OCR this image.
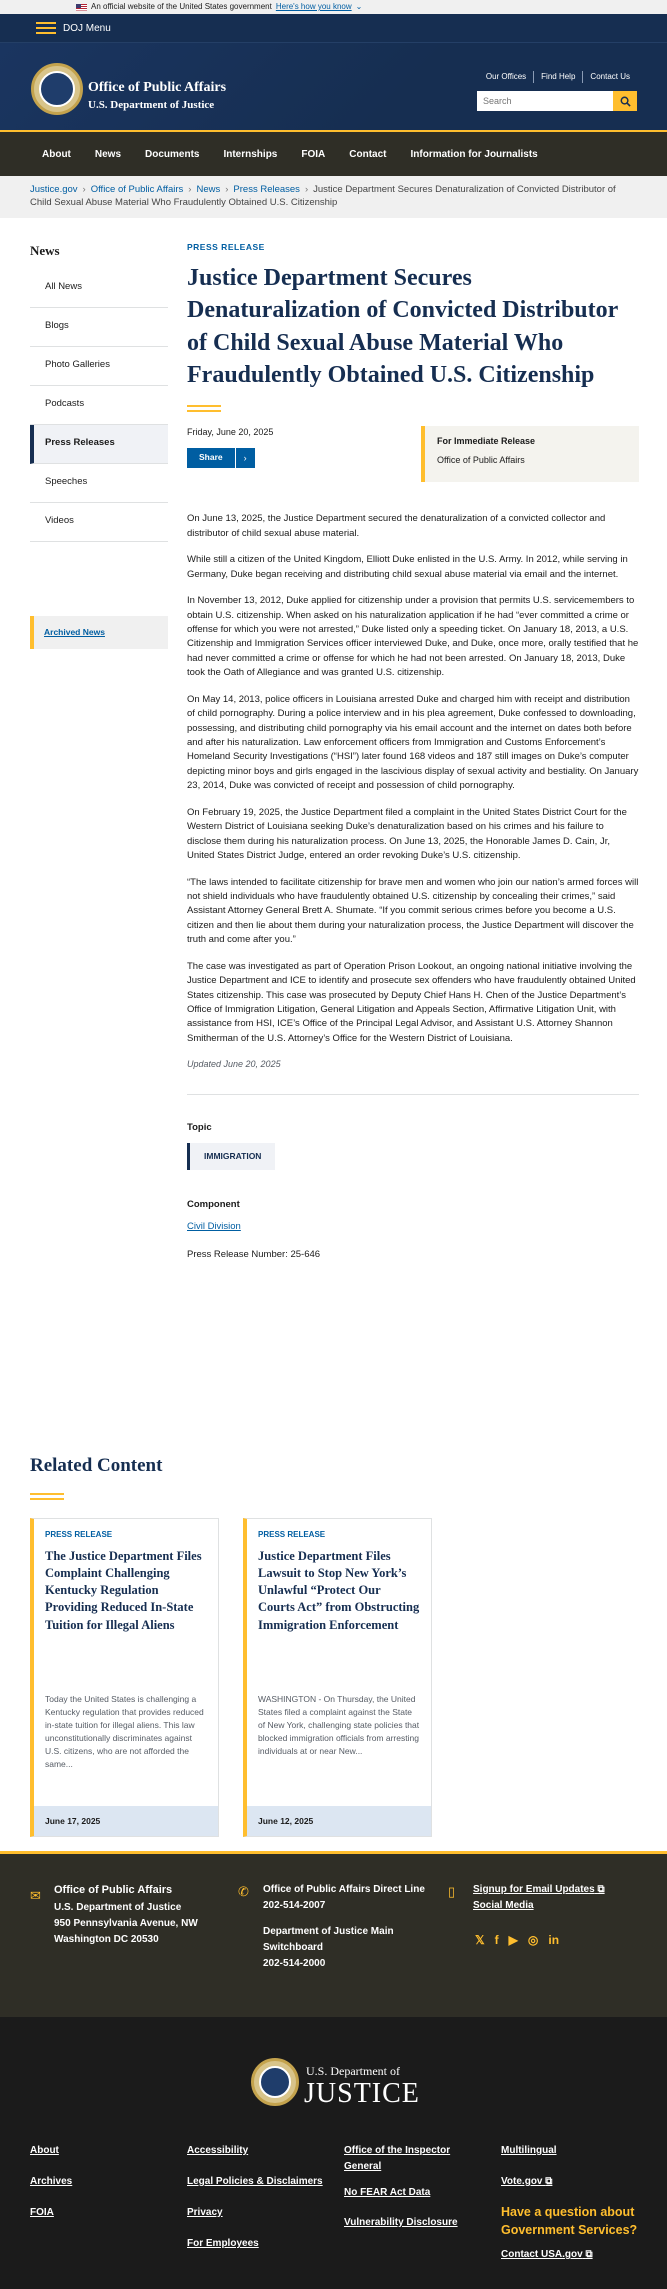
An official website of the United States government Here's how you know ⌄
DOJ Menu
Office of Public Affairs
U.S. Department of Justice
Our Offices	Find Help	Contact Us
Search
About	News	Documents	Internships	FOIA	Contact	Information for Journalists
Justice.gov › Office of Public Affairs › News › Press Releases › Justice Department Secures Denaturalization of Convicted Distributor of Child Sexual Abuse Material Who Fraudulently Obtained U.S. Citizenship
News
All News
Blogs
Photo Galleries
Podcasts
Press Releases
Speeches
Videos
Archived News
PRESS RELEASE
Justice Department Secures Denaturalization of Convicted Distributor of Child Sexual Abuse Material Who Fraudulently Obtained U.S. Citizenship
Friday, June 20, 2025
Share	›
For Immediate Release
Office of Public Affairs

On June 13, 2025, the Justice Department secured the denaturalization of a convicted collector and distributor of child sexual abuse material.

While still a citizen of the United Kingdom, Elliott Duke enlisted in the U.S. Army. In 2012, while serving in Germany, Duke began receiving and distributing child sexual abuse material via email and the internet.

In November 13, 2012, Duke applied for citizenship under a provision that permits U.S. servicemembers to obtain U.S. citizenship. When asked on his naturalization application if he had “ever committed a crime or offense for which you were not arrested,” Duke listed only a speeding ticket. On January 18, 2013, a U.S. Citizenship and Immigration Services officer interviewed Duke, and Duke, once more, orally testified that he had never committed a crime or offense for which he had not been arrested. On January 18, 2013, Duke took the Oath of Allegiance and was granted U.S. citizenship.

On May 14, 2013, police officers in Louisiana arrested Duke and charged him with receipt and distribution of child pornography. During a police interview and in his plea agreement, Duke confessed to downloading, possessing, and distributing child pornography via his email account and the internet on dates both before and after his naturalization. Law enforcement officers from Immigration and Customs Enforcement’s Homeland Security Investigations (“HSI”) later found 168 videos and 187 still images on Duke’s computer depicting minor boys and girls engaged in the lascivious display of sexual activity and bestiality. On January 23, 2014, Duke was convicted of receipt and possession of child pornography.

On February 19, 2025, the Justice Department filed a complaint in the United States District Court for the Western District of Louisiana seeking Duke’s denaturalization based on his crimes and his failure to disclose them during his naturalization process. On June 13, 2025, the Honorable James D. Cain, Jr, United States District Judge, entered an order revoking Duke’s U.S. citizenship.

“The laws intended to facilitate citizenship for brave men and women who join our nation’s armed forces will not shield individuals who have fraudulently obtained U.S. citizenship by concealing their crimes,” said Assistant Attorney General Brett A. Shumate. “If you commit serious crimes before you become a U.S. citizen and then lie about them during your naturalization process, the Justice Department will discover the truth and come after you.”

The case was investigated as part of Operation Prison Lookout, an ongoing national initiative involving the Justice Department and ICE to identify and prosecute sex offenders who have fraudulently obtained United States citizenship. This case was prosecuted by Deputy Chief Hans H. Chen of the Justice Department’s Office of Immigration Litigation, General Litigation and Appeals Section, Affirmative Litigation Unit, with assistance from HSI, ICE’s Office of the Principal Legal Advisor, and Assistant U.S. Attorney Shannon Smitherman of the U.S. Attorney’s Office for the Western District of Louisiana.

Updated June 20, 2025
Topic
IMMIGRATION
Component
Civil Division
Press Release Number: 25-646
Related Content
PRESS RELEASE
The Justice Department Files Complaint Challenging Kentucky Regulation Providing Reduced In-State Tuition for Illegal Aliens
Today the United States is challenging a Kentucky regulation that provides reduced in-state tuition for illegal aliens. This law unconstitutionally discriminates against U.S. citizens, who are not afforded the same...
June 17, 2025
PRESS RELEASE
Justice Department Files Lawsuit to Stop New York’s Unlawful “Protect Our Courts Act” from Obstructing Immigration Enforcement
WASHINGTON - On Thursday, the United States filed a complaint against the State of New York, challenging state policies that blocked immigration officials from arresting individuals at or near New...
June 12, 2025
✉ Office of Public Affairs
U.S. Department of Justice
950 Pennsylvania Avenue, NW
Washington DC 20530
✆ Office of Public Affairs Direct Line
202-514-2007
Department of Justice Main Switchboard
202-514-2000
▯ Signup for Email Updates ⧉
Social Media
𝕏 f ▶ ◎ in
U.S. Department of
JUSTICE
About
Archives
FOIA
Accessibility
Legal Policies & Disclaimers
Privacy
For Employees
Office of the Inspector General
No FEAR Act Data
Vulnerability Disclosure
Multilingual
Vote.gov ⧉
Have a question about Government Services?
Contact USA.gov ⧉
